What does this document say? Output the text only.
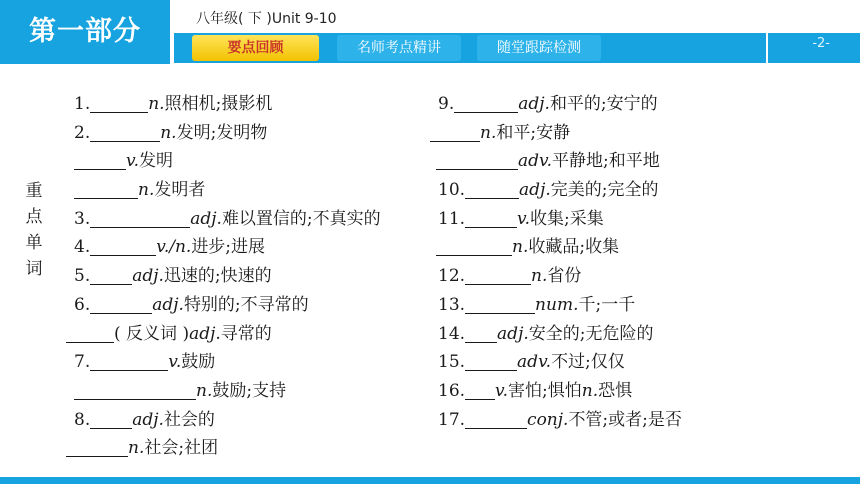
第一部分	八年级( 下 )Unit 9-10
要点回顾	名师考点精讲	随堂跟踪检测	-2-
重
点
单
词
1.	n.照相机;摄影机
2.	n.发明;发明物
v.发明
n.发明者
3.	adj.难以置信的;不真实的
4.	v./n.进步;进展
5. adj.迅速的;快速的
6.	adj.特别的;不寻常的
( 反义词 )adj.寻常的
7.	v.鼓励
n.鼓励;支持
8. adj.社会的
n.社会;社团
9.	adj.和平的;安宁的
n.和平;安静
adv.平静地;和平地
10.	adj.完美的;完全的
11.	v.收集;采集
n.收藏品;收集
12.	n.省份
13.	num.千;一千
14. adj.安全的;无危险的
15.	adv.不过;仅仅
16. v.害怕;惧怕n.恐惧
17.	conj.不管;或者;是否
